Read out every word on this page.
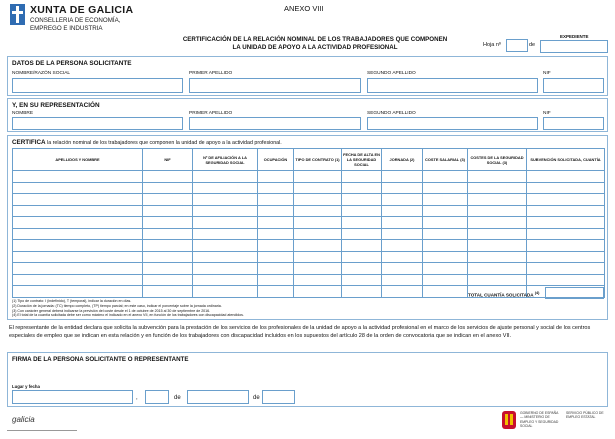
XUNTA DE GALICIA
CONSELLERIA DE ECONOMÍA,
EMPREGO E INDUSTRIA
ANEXO VIII
CERTIFICACIÓN DE LA RELACIÓN NOMINAL DE LOS TRABAJADORES QUE COMPONEN
LA UNIDAD DE APOYO A LA ACTIVIDAD PROFESIONAL
EXPEDIENTE
Hoja nº	de
DATOS DE LA PERSONA SOLICITANTE
NOMBRE/RAZÓN SOCIAL	PRIMER APELLIDO	SEGUNDO APELLIDO	NIF
Y, EN SU REPRESENTACIÓN
NOMBRE	PRIMER APELLIDO	SEGUNDO APELLIDO	NIF
CERTIFICA la relación nominal de los trabajadores que componen la unidad de apoyo a la actividad profesional.
APELLIDOS Y NOMBRE	NIF	Nº DE AFILIACIÓN A LA SEGURIDAD SOCIAL	OCUPACIÓN	TIPO DE CONTRATO (1)	FECHA DE ALTA EN LA SEGURIDAD SOCIAL	JORNADA (2)	COSTE SALARIAL (3)	COSTES DE LA SEGURIDAD SOCIAL (3)	SUBVENCIÓN SOLICITADA, CUANTÍA

TOTAL CUANTÍA SOLICITADA $^{(4)}$
(1) Tipo de contrato: I (indefinido), T (temporal), indicar la duración en días.
(2) Duración de la jornada: (TC) tiempo completo, (TP) tiempo parcial; en este caso, indicar el porcentaje sobre la jornada ordinaria.
(3) Con carácter general deberá indicarse la previsión del coste desde el 1 de octubre de 2015 al 30 de septiembre de 2016.
(4) El total de la cuantía solicitada debe ser como máximo el indicado en el anexo VII, en función de los trabajadores con discapacidad atendidos.
El representante de la entidad declara que solicita la subvención para la prestación de los servicios de los profesionales de la unidad de apoyo a la actividad profesional en el marco de los servicios de ajuste personal y social de los centros especiales de empleo que se indican en esta relación y en función de los trabajadores con discapacidad incluidos en los supuestos del artículo 28 de la orden de convocatoria que se indican en el anexo VII.
FIRMA DE LA PERSONA SOLICITANTE O REPRESENTANTE
Lugar y fecha
,	de	de
galicia
GOBIERNO DE ESPAÑA — MINISTERIO DE EMPLEO Y SEGURIDAD SOCIAL
SERVICIO PÚBLICO DE EMPLEO ESTATAL
